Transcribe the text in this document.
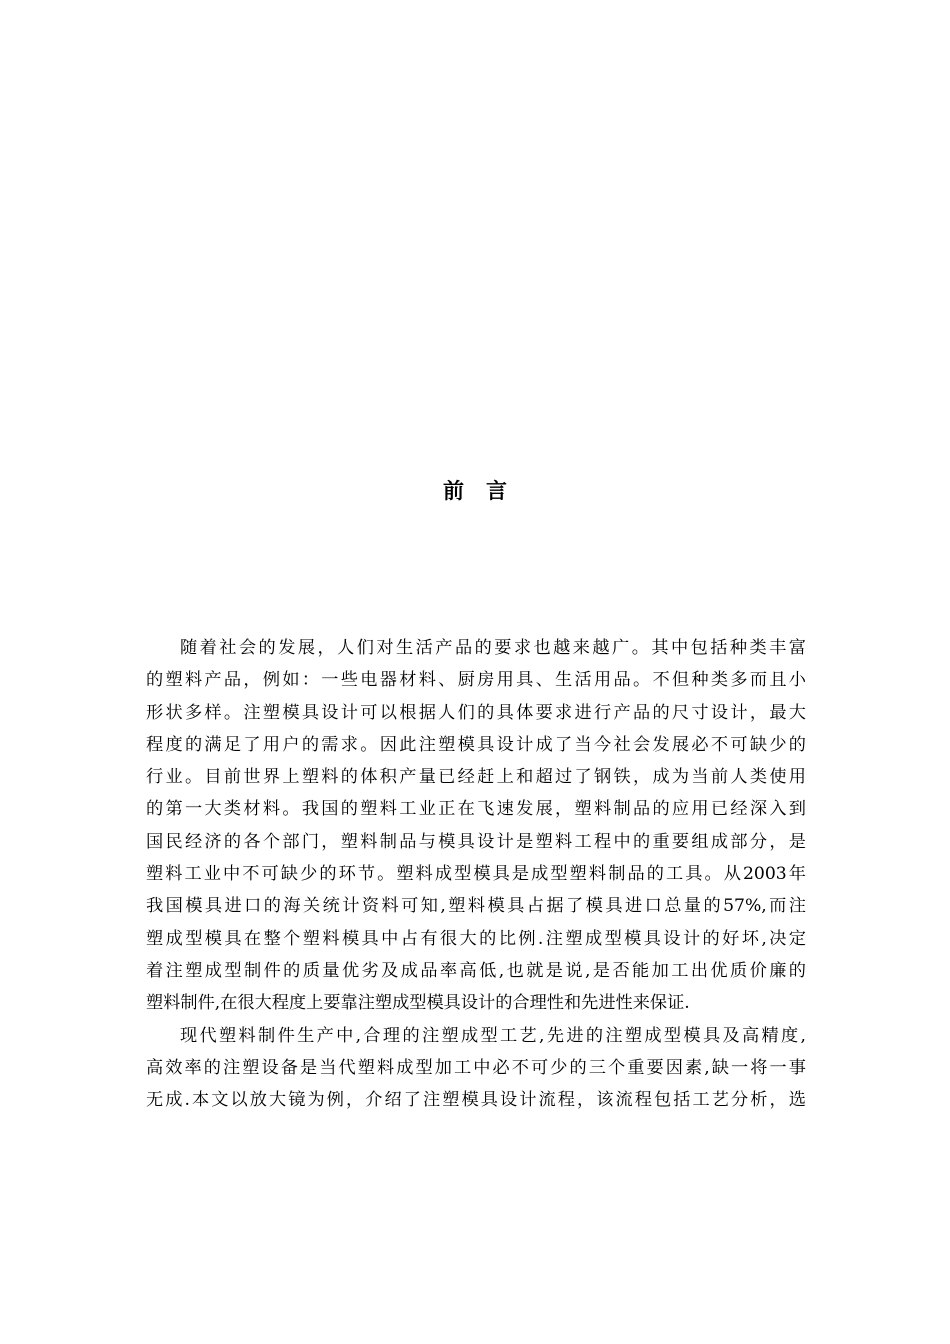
前言
随着社会的发展，人们对生活产品的要求也越来越广。其中包括种类丰富
的塑料产品，例如：一些电器材料、厨房用具、生活用品。不但种类多而且小
形状多样。注塑模具设计可以根据人们的具体要求进行产品的尺寸设计，最大
程度的满足了用户的需求。因此注塑模具设计成了当今社会发展必不可缺少的
行业。目前世界上塑料的体积产量已经赶上和超过了钢铁，成为当前人类使用
的第一大类材料。我国的塑料工业正在飞速发展，塑料制品的应用已经深入到
国民经济的各个部门，塑料制品与模具设计是塑料工程中的重要组成部分，是
塑料工业中不可缺少的环节。塑料成型模具是成型塑料制品的工具。从2003年
我国模具进口的海关统计资料可知,塑料模具占据了模具进口总量的57%,而注
塑成型模具在整个塑料模具中占有很大的比例.注塑成型模具设计的好坏,决定
着注塑成型制件的质量优劣及成品率高低,也就是说,是否能加工出优质价廉的
塑料制件,在很大程度上要靠注塑成型模具设计的合理性和先进性来保证.
现代塑料制件生产中,合理的注塑成型工艺,先进的注塑成型模具及高精度,
高效率的注塑设备是当代塑料成型加工中必不可少的三个重要因素,缺一将一事
无成.本文以放大镜为例，介绍了注塑模具设计流程，该流程包括工艺分析，选
